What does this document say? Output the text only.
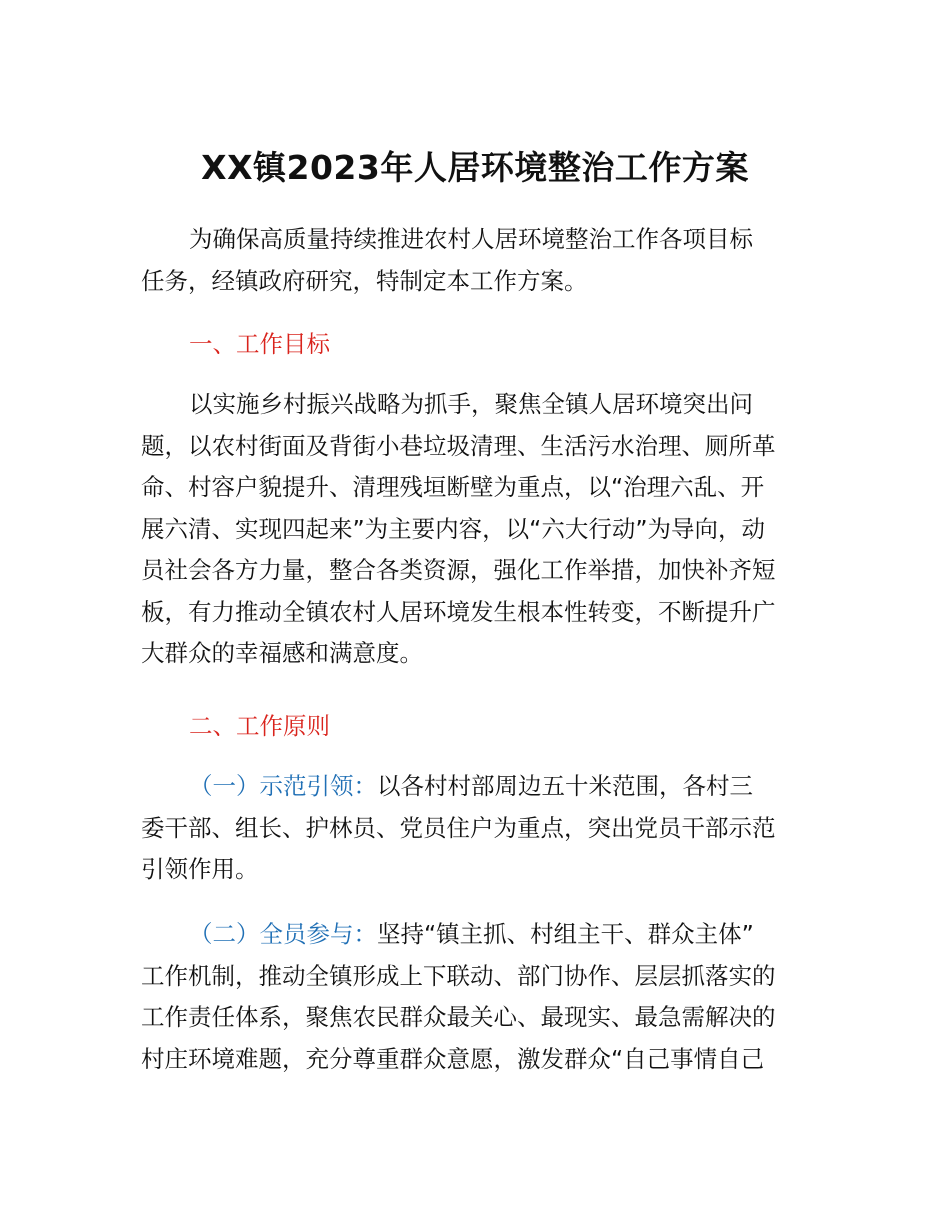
XX镇2023年人居环境整治工作方案

为确保高质量持续推进农村人居环境整治工作各项目标
任务，经镇政府研究，特制定本工作方案。

一、工作目标

以实施乡村振兴战略为抓手，聚焦全镇人居环境突出问
题，以农村街面及背街小巷垃圾清理、生活污水治理、厕所革
命、村容户貌提升、清理残垣断壁为重点，以“治理六乱、开
展六清、实现四起来”为主要内容，以“六大行动”为导向，动
员社会各方力量，整合各类资源，强化工作举措，加快补齐短
板，有力推动全镇农村人居环境发生根本性转变，不断提升广
大群众的幸福感和满意度。

二、工作原则

（一）示范引领：以各村村部周边五十米范围，各村三
委干部、组长、护林员、党员住户为重点，突出党员干部示范
引领作用。

（二）全员参与：坚持“镇主抓、村组主干、群众主体”
工作机制，推动全镇形成上下联动、部门协作、层层抓落实的
工作责任体系，聚焦农民群众最关心、最现实、最急需解决的
村庄环境难题，充分尊重群众意愿，激发群众“自己事情自己
